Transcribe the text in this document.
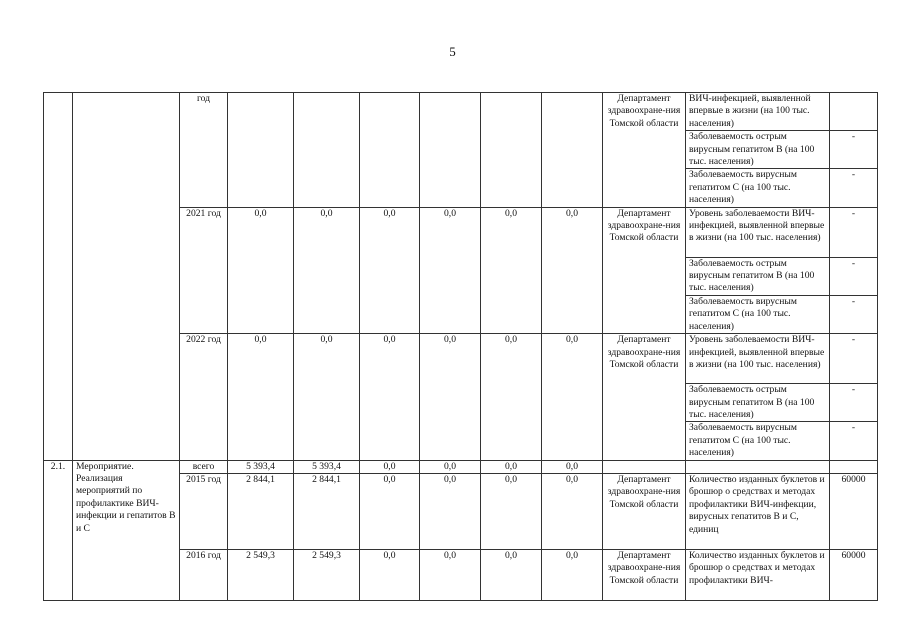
5
		год							Департамент здравоохране-ния Томской области	ВИЧ-инфекцией, выявленной впервые в жизни (на 100 тыс. населения)	
										Заболеваемость острым вирусным гепатитом В (на 100 тыс. населения)	-
										Заболеваемость вирусным гепатитом С (на 100 тыс. населения)	-
		2021 год	0,0	0,0	0,0	0,0	0,0	0,0	Департамент здравоохране-ния Томской области	Уровень заболеваемости ВИЧ-инфекцией, выявленной впервые в жизни (на 100 тыс. населения)	-
										Заболеваемость острым вирусным гепатитом В (на 100 тыс. населения)	-
										Заболеваемость вирусным гепатитом С (на 100 тыс. населения)	-
		2022 год	0,0	0,0	0,0	0,0	0,0	0,0	Департамент здравоохране-ния Томской области	Уровень заболеваемости ВИЧ-инфекцией, выявленной впервые в жизни (на 100 тыс. населения)	-
										Заболеваемость острым вирусным гепатитом В (на 100 тыс. населения)	-
										Заболеваемость вирусным гепатитом С (на 100 тыс. населения)	-
2.1.	Мероприятие. Реализация мероприятий по профилактике ВИЧ-инфекции и гепатитов В и С	всего	5 393,4	5 393,4	0,0	0,0	0,0	0,0			
		2015 год	2 844,1	2 844,1	0,0	0,0	0,0	0,0	Департамент здравоохране-ния Томской области	Количество изданных буклетов и брошюр о средствах и методах профилактики ВИЧ-инфекции, вирусных гепатитов В и С, единиц	60000
		2016 год	2 549,3	2 549,3	0,0	0,0	0,0	0,0	Департамент здравоохране-ния Томской области	Количество изданных буклетов и брошюр о средствах и методах профилактики ВИЧ-	60000
